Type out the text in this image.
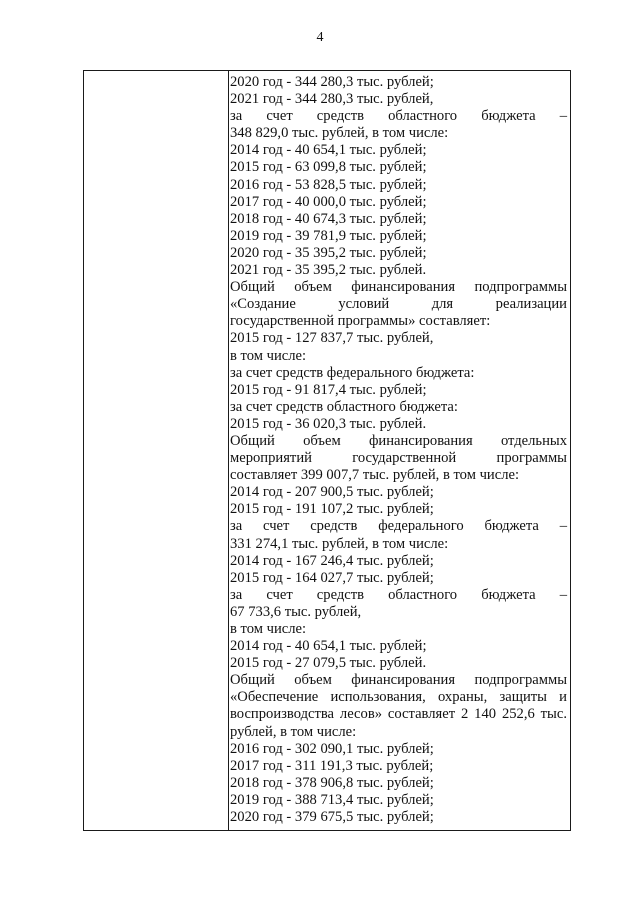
4
2020 год - 344 280,3 тыс. рублей;
2021 год - 344 280,3 тыс. рублей,
за счет средств областного бюджета –
348 829,0 тыс. рублей, в том числе:
2014 год - 40 654,1 тыс. рублей;
2015 год - 63 099,8 тыс. рублей;
2016 год - 53 828,5 тыс. рублей;
2017 год - 40 000,0 тыс. рублей;
2018 год - 40 674,3 тыс. рублей;
2019 год - 39 781,9 тыс. рублей;
2020 год - 35 395,2 тыс. рублей;
2021 год - 35 395,2 тыс. рублей.
Общий объем финансирования подпрограммы
«Создание условий для реализации
государственной программы» составляет:
2015 год - 127 837,7 тыс. рублей,
в том числе:
за счет средств федерального бюджета:
2015 год - 91 817,4 тыс. рублей;
за счет средств областного бюджета:
2015 год - 36 020,3 тыс. рублей.
Общий объем финансирования отдельных
мероприятий государственной программы
составляет 399 007,7 тыс. рублей, в том числе:
2014 год - 207 900,5 тыс. рублей;
2015 год - 191 107,2 тыс. рублей;
за счет средств федерального бюджета –
331 274,1 тыс. рублей, в том числе:
2014 год - 167 246,4 тыс. рублей;
2015 год - 164 027,7 тыс. рублей;
за счет средств областного бюджета –
67 733,6 тыс. рублей,
в том числе:
2014 год - 40 654,1 тыс. рублей;
2015 год - 27 079,5 тыс. рублей.
Общий объем финансирования подпрограммы
«Обеспечение использования, охраны, защиты и
воспроизводства лесов» составляет 2 140 252,6 тыс.
рублей, в том числе:
2016 год - 302 090,1 тыс. рублей;
2017 год - 311 191,3 тыс. рублей;
2018 год - 378 906,8 тыс. рублей;
2019 год - 388 713,4 тыс. рублей;
2020 год - 379 675,5 тыс. рублей;
